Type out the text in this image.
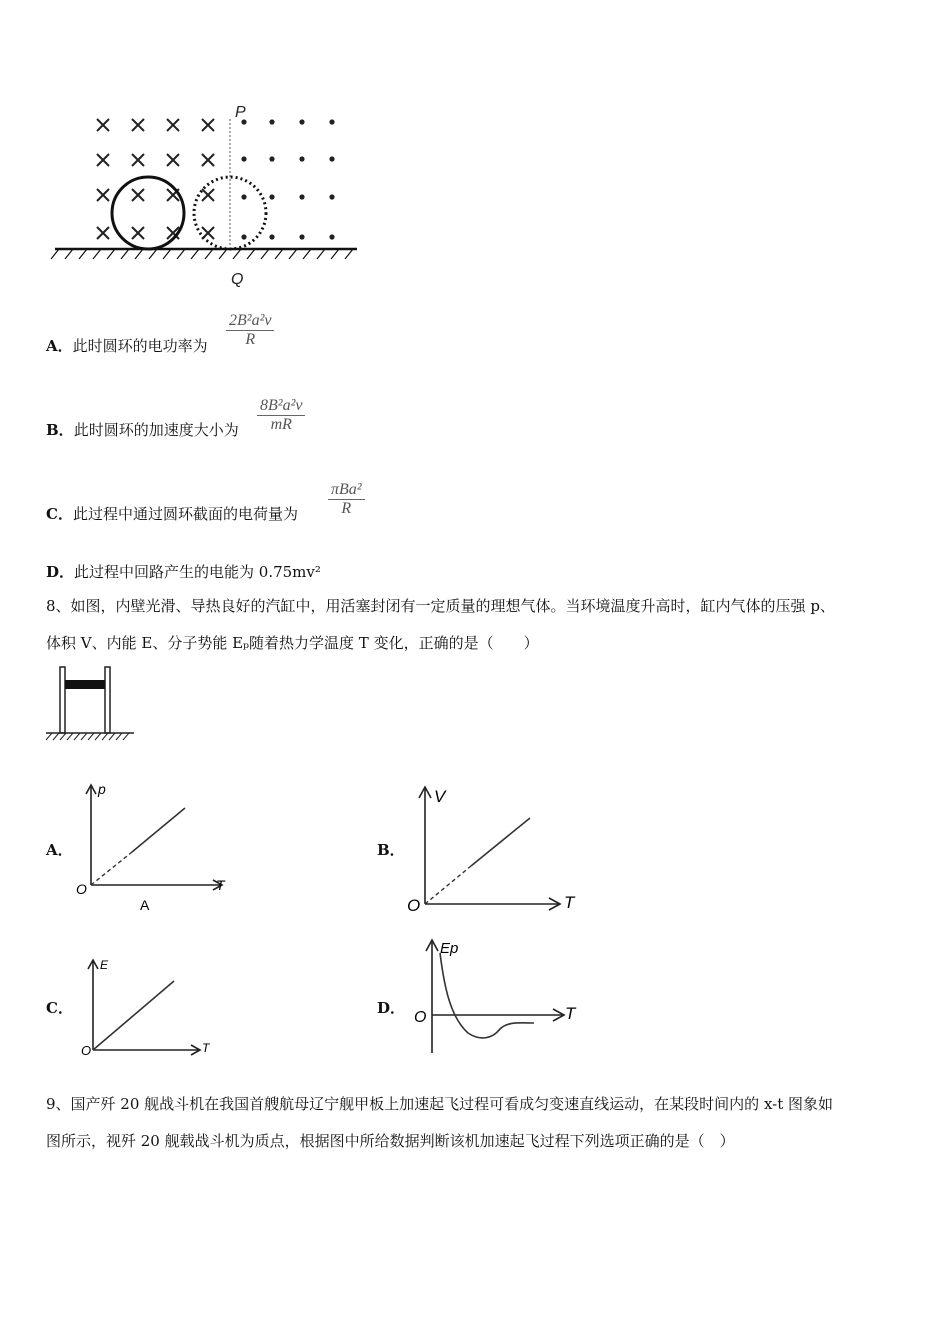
P
Q
A．此时圆环的电功率为 $\frac{\text{2B²a²v}}{R}$
B．此时圆环的加速度大小为 $\frac{\text{8B²a²v}}{mR}$
C．此过程中通过圆环截面的电荷量为
πBa²
R
D．此过程中回路产生的电能为 0.75mv²
8、如图，内壁光滑、导热良好的汽缸中，用活塞封闭有一定质量的理想气体。当环境温度升高时，缸内气体的压强 p、
体积 V、内能 E、分子势能 Eₚ随着热力学温度 T 变化，正确的是（　　）
A．
p
T
O
A
B．
V
T
O
C．
E
T
O
D．
Ep
T
O
9、国产歼 20 舰战斗机在我国首艘航母辽宁舰甲板上加速起飞过程可看成匀变速直线运动，在某段时间内的 x-t 图象如
图所示，视歼 20 舰载战斗机为质点，根据图中所给数据判断该机加速起飞过程下列选项正确的是（　）
